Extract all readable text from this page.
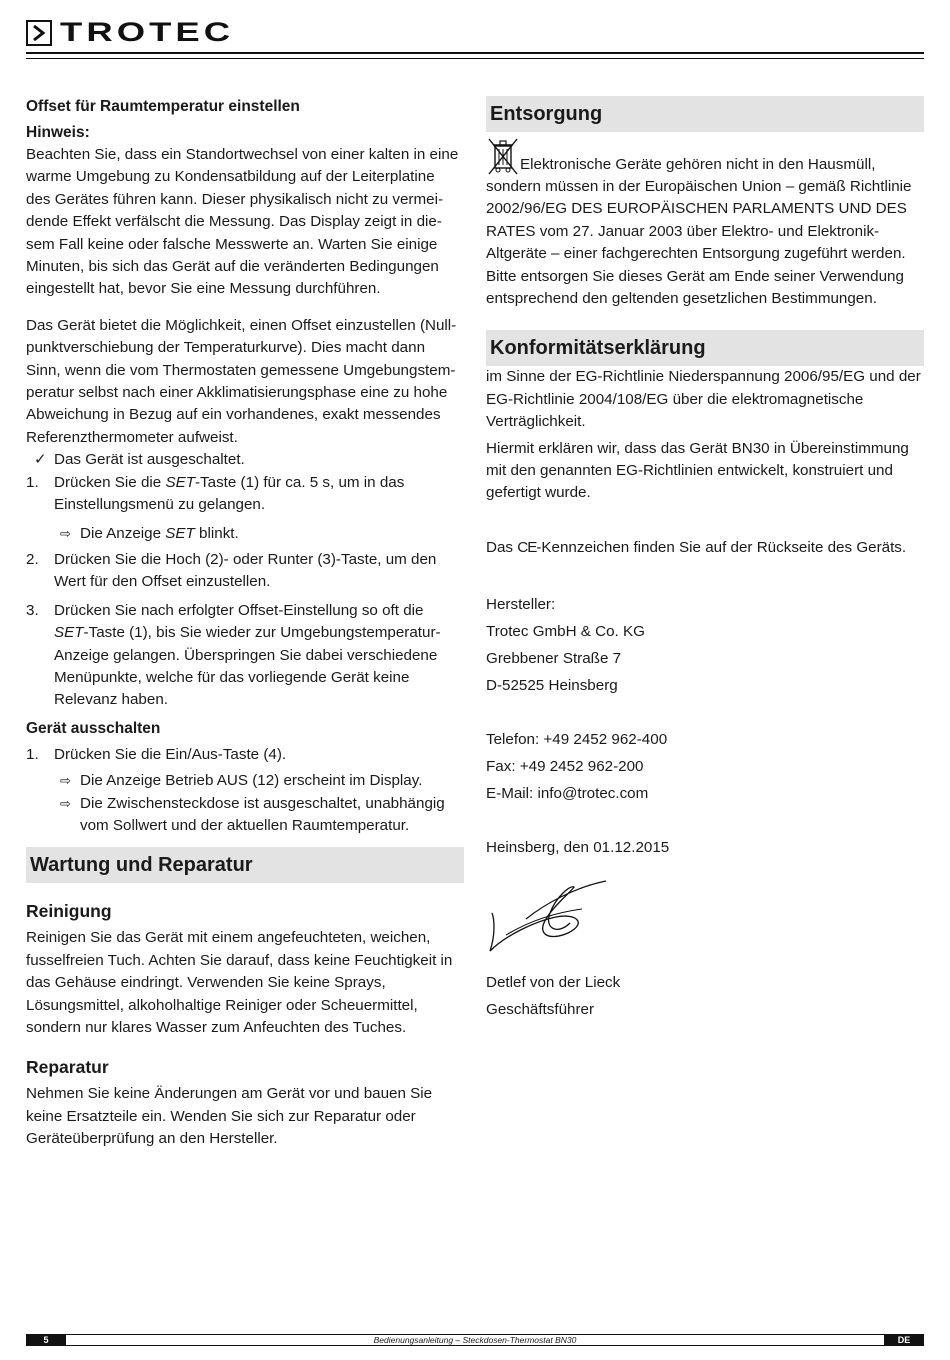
TROTEC

Offset für Raumtemperatur einstellen

Hinweis:

Beachten Sie, dass ein Standortwechsel von einer kalten in eine

warme Umgebung zu Kondensatbildung auf der Leiterplatine

des Gerätes führen kann. Dieser physikalisch nicht zu vermei-

dende Effekt verfälscht die Messung. Das Display zeigt in die-

sem Fall keine oder falsche Messwerte an. Warten Sie einige

Minuten, bis sich das Gerät auf die veränderten Bedingungen

eingestellt hat, bevor Sie eine Messung durchführen.

Das Gerät bietet die Möglichkeit, einen Offset einzustellen (Null-

punktverschiebung der Temperaturkurve). Dies macht dann

Sinn, wenn die vom Thermostaten gemessene Umgebungstem-

peratur selbst nach einer Akklimatisierungsphase eine zu hohe

Abweichung in Bezug auf ein vorhandenes, exakt messendes

Referenzthermometer aufweist.

✓ Das Gerät ist ausgeschaltet.
1.	Drücken Sie die SET-Taste (1) für ca. 5 s, um in das

Einstellungsmenü zu gelangen.

⇨ Die Anzeige SET blinkt.

2.	Drücken Sie die Hoch (2)- oder Runter (3)-Taste, um den

Wert für den Offset einzustellen.

3.	Drücken Sie nach erfolgter Offset-Einstellung so oft die

SET-Taste (1), bis Sie wieder zur Umgebungstemperatur-

Anzeige gelangen. Überspringen Sie dabei verschiedene

Menüpunkte, welche für das vorliegende Gerät keine

Relevanz haben.

Gerät ausschalten

1.	Drücken Sie die Ein/Aus-Taste (4).

⇨ Die Anzeige Betrieb AUS (12) erscheint im Display.

⇨ Die Zwischensteckdose ist ausgeschaltet, unabhängig

vom Sollwert und der aktuellen Raumtemperatur.

Wartung und Reparatur

Reinigung

Reinigen Sie das Gerät mit einem angefeuchteten, weichen,

fusselfreien Tuch. Achten Sie darauf, dass keine Feuchtigkeit in

das Gehäuse eindringt. Verwenden Sie keine Sprays,

Lösungsmittel, alkoholhaltige Reiniger oder Scheuermittel,

sondern nur klares Wasser zum Anfeuchten des Tuches.

Reparatur

Nehmen Sie keine Änderungen am Gerät vor und bauen Sie

keine Ersatzteile ein. Wenden Sie sich zur Reparatur oder

Geräteüberprüfung an den Hersteller.

Entsorgung

Elektronische Geräte gehören nicht in den Hausmüll,

sondern müssen in der Europäischen Union – gemäß Richtlinie

2002/96/EG DES EUROPÄISCHEN PARLAMENTS UND DES

RATES vom 27. Januar 2003 über Elektro- und Elektronik-

Altgeräte – einer fachgerechten Entsorgung zugeführt werden.

Bitte entsorgen Sie dieses Gerät am Ende seiner Verwendung

entsprechend den geltenden gesetzlichen Bestimmungen.

Konformitätserklärung

im Sinne der EG-Richtlinie Niederspannung 2006/95/EG und der

EG-Richtlinie 2004/108/EG über die elektromagnetische

Verträglichkeit.

Hiermit erklären wir, dass das Gerät BN30 in Übereinstimmung

mit den genannten EG-Richtlinien entwickelt, konstruiert und

gefertigt wurde.

Das CE-Kennzeichen finden Sie auf der Rückseite des Geräts.

Hersteller:

Trotec GmbH & Co. KG

Grebbener Straße 7

D-52525 Heinsberg

Telefon: +49 2452 962-400

Fax: +49 2452 962-200

E-Mail: info@trotec.com

Heinsberg, den 01.12.2015

Detlef von der Lieck

Geschäftsführer

5	Bedienungsanleitung – Steckdosen-Thermostat BN30	DE
